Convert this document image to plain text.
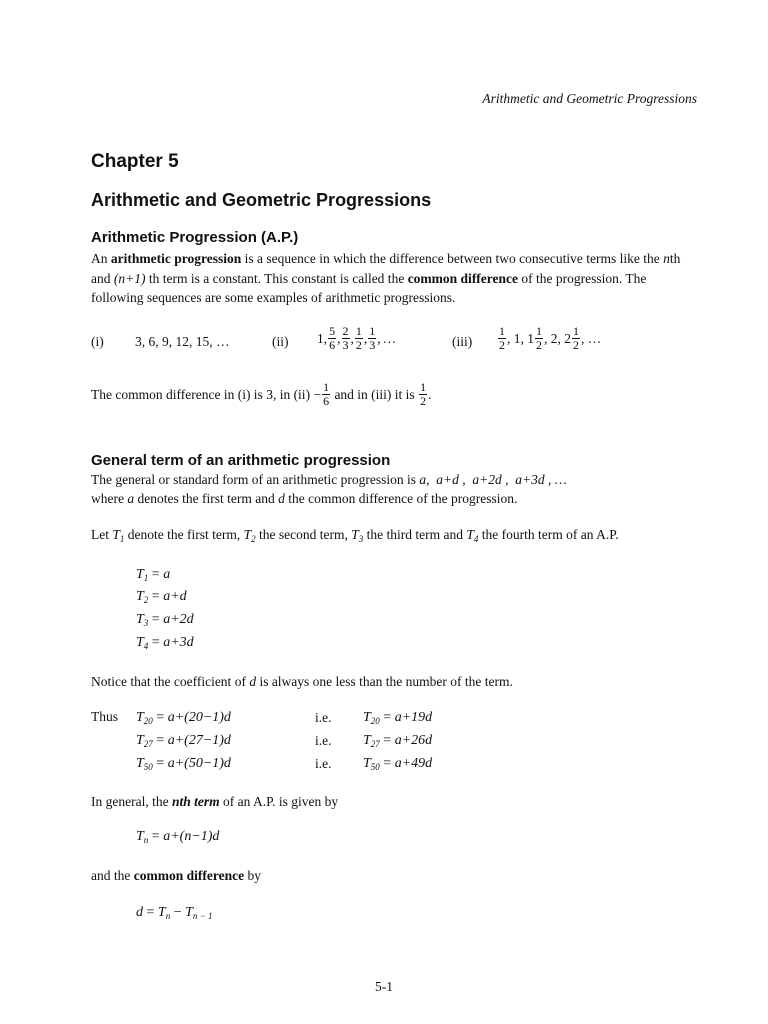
Arithmetic and Geometric Progressions
Chapter 5
Arithmetic and Geometric Progressions
Arithmetic Progression (A.P.)
An arithmetic progression is a sequence in which the difference between two consecutive terms like the nth and (n+1) th term is a constant. This constant is called the common difference of the progression. The following sequences are some examples of arithmetic progressions.
(i) 3, 6, 9, 12, 15, …	(ii) 1, $\frac{5}{6}$ , $\frac{2}{3}$ , $\frac{1}{2}$ , $\frac{1}{3}$ , …	$(iii) \frac{1}{2}$ , 1 , $1 \frac{1}{2}$ , 2 , $2 \frac{1}{2}$ , …
The common difference in (i) is 3, in $(ii) - \frac{1}{6}$ and in (iii) it is $\frac{1}{2}$ .
General term of an arithmetic progression
The general or standard form of an arithmetic progression is a,  a+d ,  a+2d ,  a+3d , …
where a denotes the first term and d the common difference of the progression.
Let $T_1$ denote the first term, $T_2$ the second term, $T_3$ the third term and $T_4$ the fourth term of an A.P.
$T_1 = a$
$T_2 = a+d$
$T_3 = a+2d$
$T_4 = a+3d$
Notice that the coefficient of d is always one less than the number of the term.
Thus $T_{20} = a+(20-1)d$	i.e. $T_{20} = a+19d$
$T_{27} = a+(27-1)d$	i.e. $T_{27} = a+26d$
$T_{50} = a+(50-1)d$	i.e. $T_{50} = a+49d$
In general, the nth term of an A.P. is given by
$T_n = a+(n-1)d$
and the common difference by
$d = T_n - T_{n - 1}$
5-1
